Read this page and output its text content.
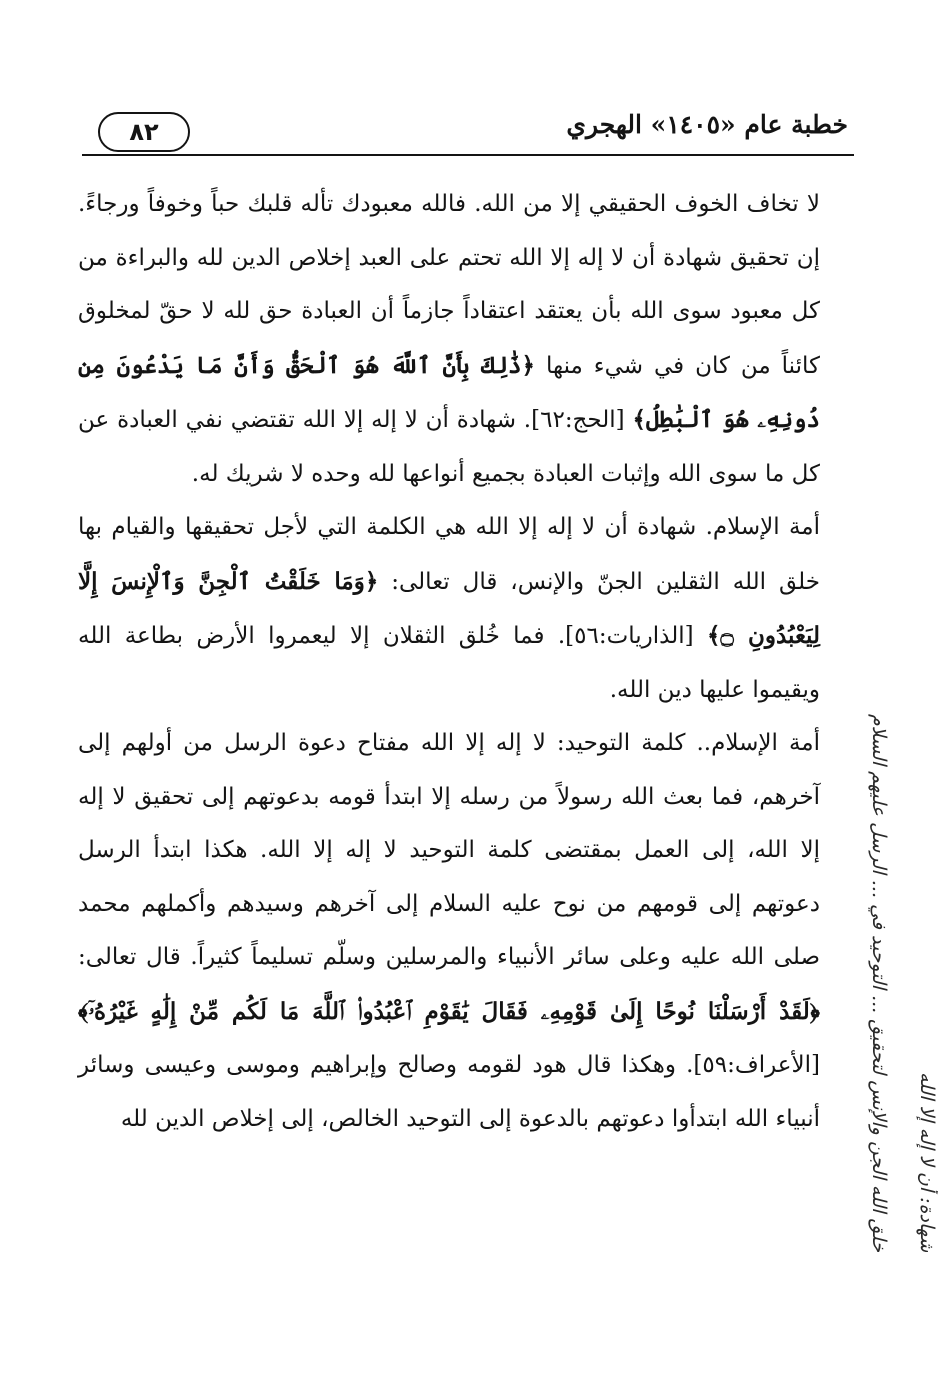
٨٢	خطبة عام «١٤٠٥» الهجري

لا تخاف الخوف الحقيقي إلا من الله. فالله معبودك تأله قلبك حباً وخوفاً ورجاءً. إن تحقيق شهادة أن لا إله إلا الله تحتم على العبد إخلاص الدين لله والبراءة من كل معبود سوى الله بأن يعتقد اعتقاداً جازماً أن العبادة حق لله لا حقّ لمخلوق كائناً من كان في شيء منها ﴿ذَٰلِكَ بِأَنَّ ٱللَّهَ هُوَ ٱلْحَقُّ وَأَنَّ مَا يَدْعُونَ مِن دُونِهِۦ هُوَ ٱلْبَٰطِلُ﴾ [الحج:٦٢]. شهادة أن لا إله إلا الله تقتضي نفي العبادة عن كل ما سوى الله وإثبات العبادة بجميع أنواعها لله وحده لا شريك له.

أمة الإسلام. شهادة أن لا إله إلا الله هي الكلمة التي لأجل تحقيقها والقيام بها خلق الله الثقلين الجنّ والإنس، قال تعالى: ﴿وَمَا خَلَقْتُ ٱلْجِنَّ وَٱلْإِنسَ إِلَّا لِيَعْبُدُونِ ۝﴾ [الذاريات:٥٦]. فما خُلق الثقلان إلا ليعمروا الأرض بطاعة الله ويقيموا عليها دين الله.

أمة الإسلام.. كلمة التوحيد: لا إله إلا الله مفتاح دعوة الرسل من أولهم إلى آخرهم، فما بعث الله رسولاً من رسله إلا ابتدأ قومه بدعوتهم إلى تحقيق لا إله إلا الله، إلى العمل بمقتضى كلمة التوحيد لا إله إلا الله. هكذا ابتدأ الرسل دعوتهم إلى قومهم من نوح عليه السلام إلى آخرهم وسيدهم وأكملهم محمد صلى الله عليه وعلى سائر الأنبياء والمرسلين وسلّم تسليماً كثيراً. قال تعالى: ﴿لَقَدْ أَرْسَلْنَا نُوحًا إِلَىٰ قَوْمِهِۦ فَقَالَ يَٰقَوْمِ ٱعْبُدُوا۟ ٱللَّهَ مَا لَكُم مِّنْ إِلَٰهٍ غَيْرُهُۥٓ﴾ [الأعراف:٥٩]. وهكذا قال هود لقومه وصالح وإبراهيم وموسى وعيسى وسائر أنبياء الله ابتدأوا دعوتهم بالدعوة إلى التوحيد الخالص، إلى إخلاص الدين لله	شهادة: أن لا إله إلا الله
خلق الله الجن والإنس لتحقيق ... التوحيد في ... الرسل عليهم السلام
